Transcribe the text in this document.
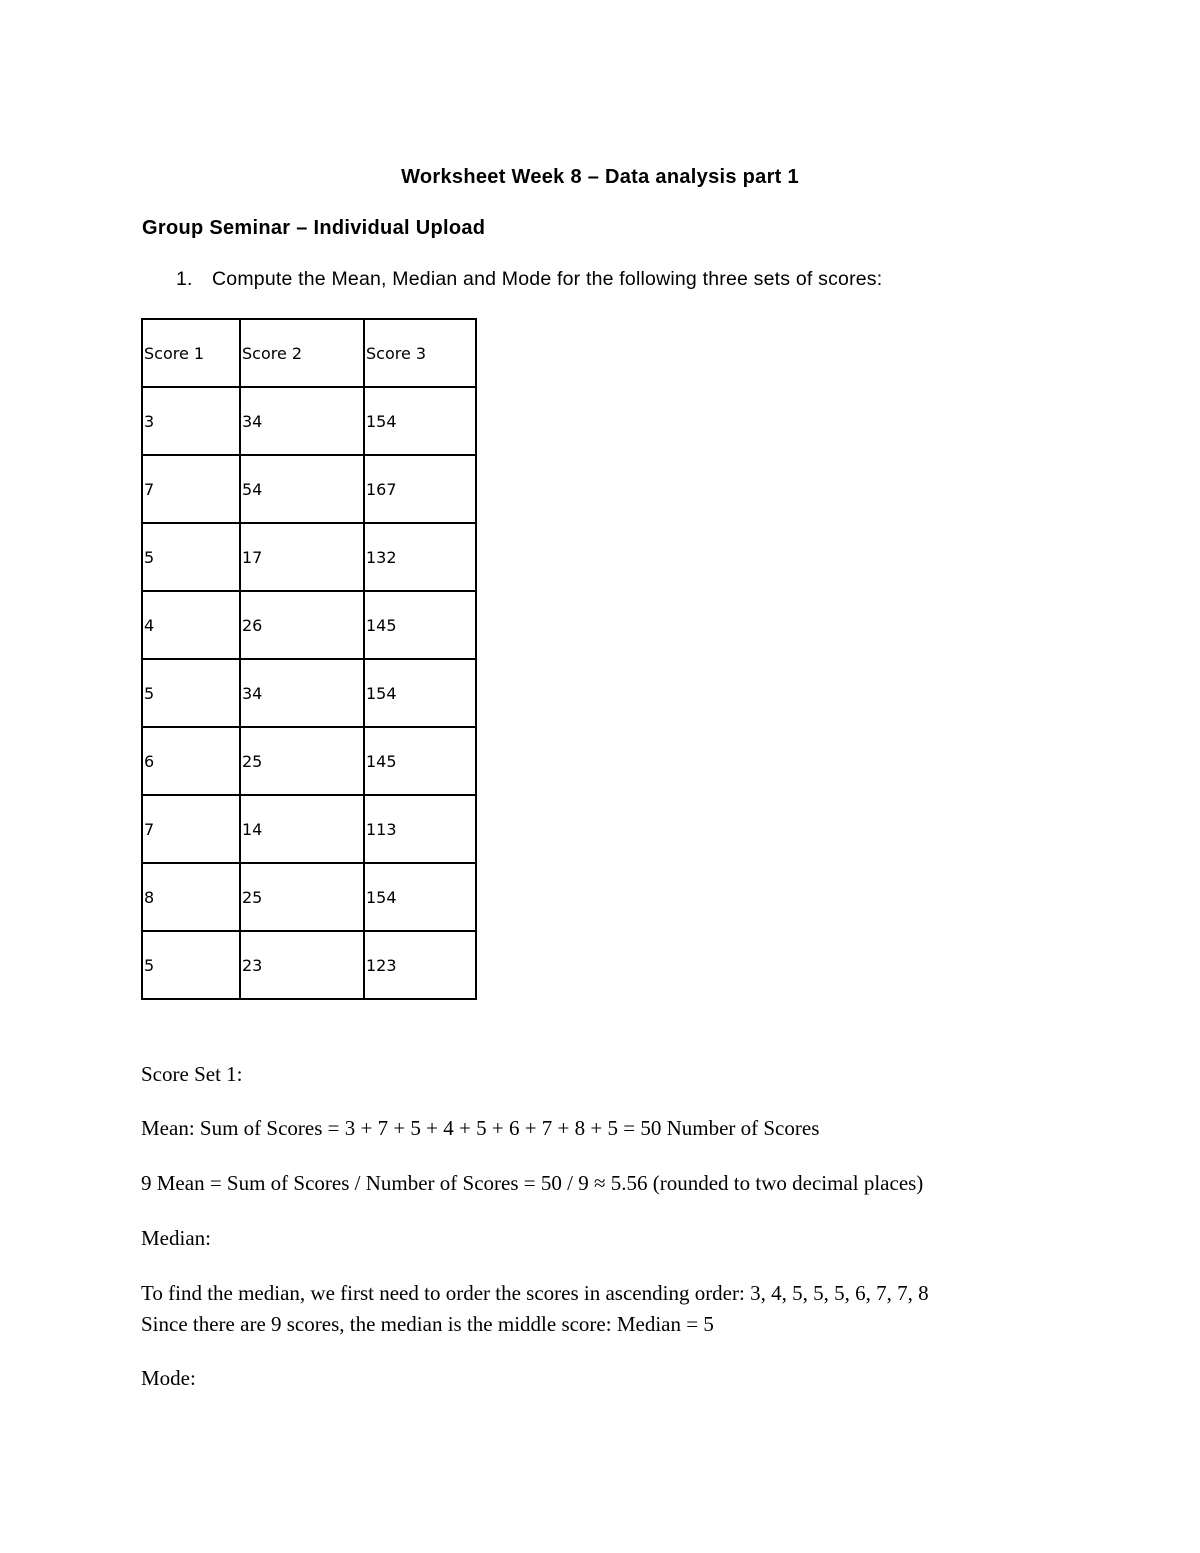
Worksheet Week 8 – Data analysis part 1
Group Seminar – Individual Upload
1. Compute the Mean, Median and Mode for the following three sets of scores:
Score 1	Score 2	Score 3
3	34	154
7	54	167
5	17	132
4	26	145
5	34	154
6	25	145
7	14	113
8	25	154
5	23	123
Score Set 1:
Mean: Sum of Scores = 3 + 7 + 5 + 4 + 5 + 6 + 7 + 8 + 5 = 50 Number of Scores
9 Mean = Sum of Scores / Number of Scores = 50 / 9 ≈ 5.56 (rounded to two decimal places)
Median:
To find the median, we first need to order the scores in ascending order: 3, 4, 5, 5, 5, 6, 7, 7, 8
Since there are 9 scores, the median is the middle score: Median = 5
Mode:
